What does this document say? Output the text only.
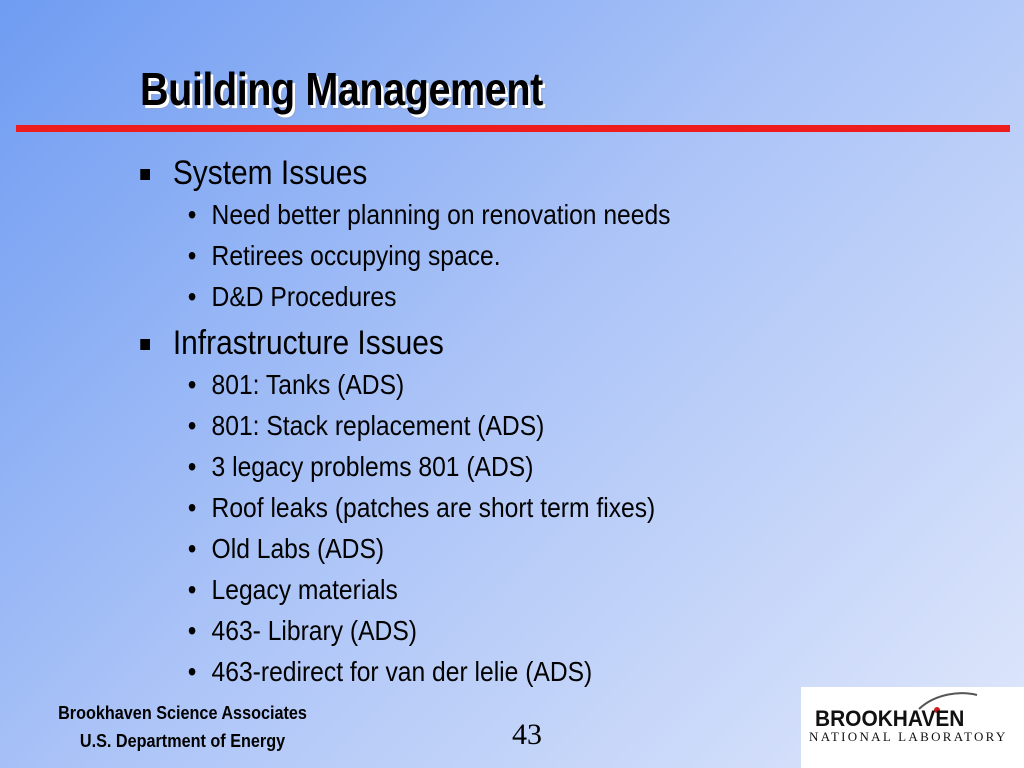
Building Management
System Issues
• Need better planning on renovation needs
• Retirees occupying space.
• D&D Procedures
Infrastructure Issues
• 801: Tanks (ADS)
• 801: Stack replacement (ADS)
• 3 legacy problems 801 (ADS)
• Roof leaks (patches are short term fixes)
• Old Labs (ADS)
• Legacy materials
• 463- Library (ADS)
• 463-redirect for van der lelie (ADS)
Brookhaven Science Associates
U.S. Department of Energy	43	BROOKHAVEN
NATIONAL LABORATORY
